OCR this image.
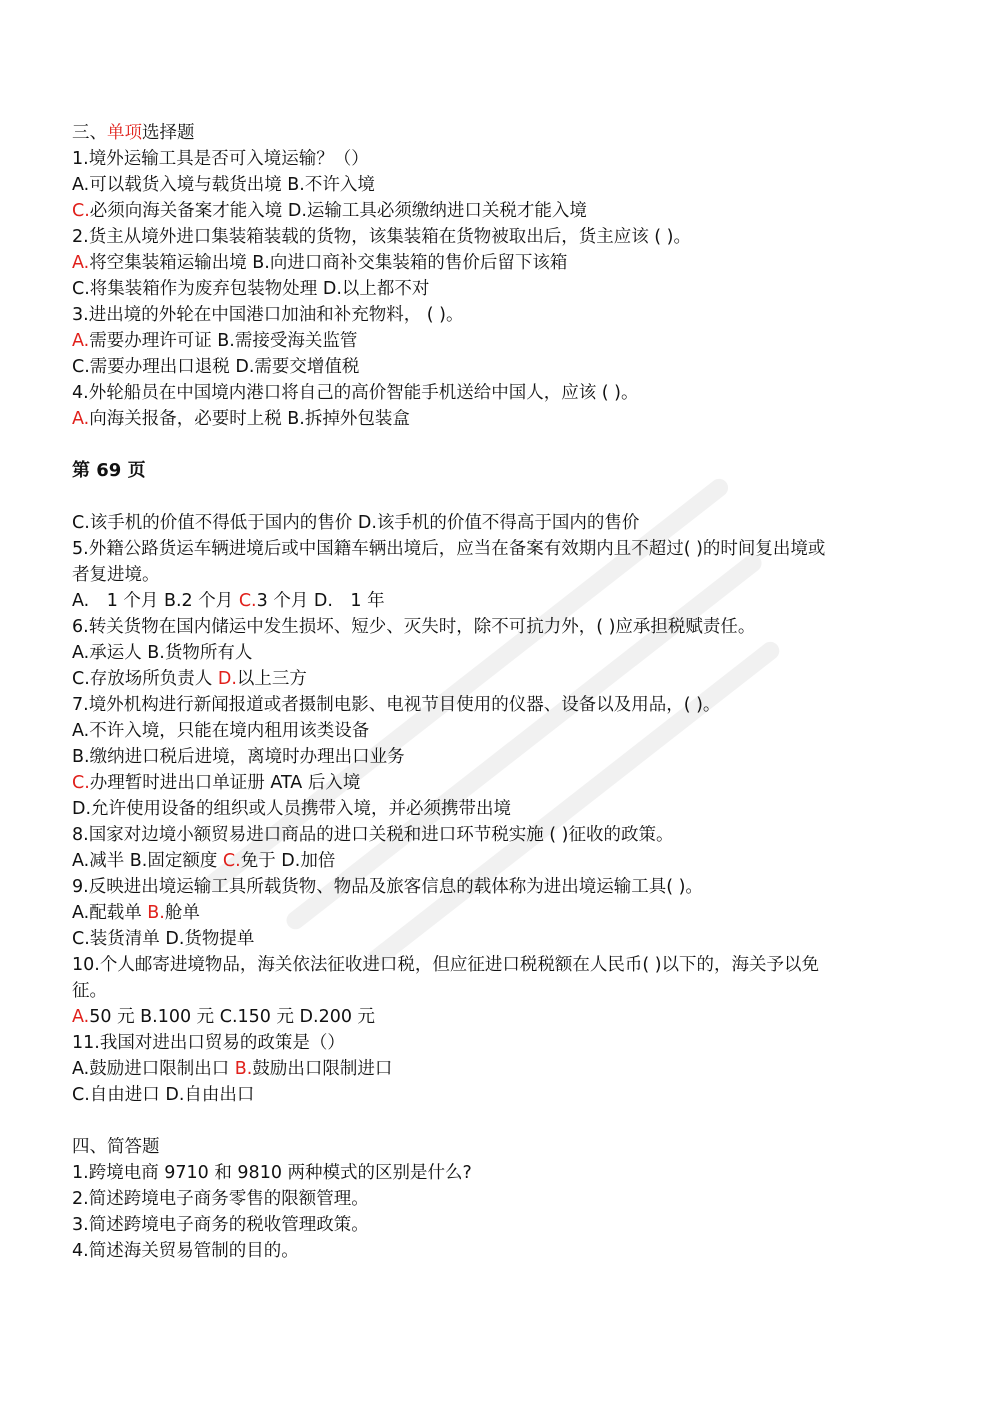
三、单项选择题
1.境外运输工具是否可入境运输？（）
A.可以载货入境与载货出境 B.不许入境
C.必须向海关备案才能入境 D.运输工具必须缴纳进口关税才能入境
2.货主从境外进口集装箱装载的货物，该集装箱在货物被取出后，货主应该 ( )。
A.将空集装箱运输出境 B.向进口商补交集装箱的售价后留下该箱
C.将集装箱作为废弃包装物处理 D.以上都不对
3.进出境的外轮在中国港口加油和补充物料， ( )。
A.需要办理许可证 B.需接受海关监管
C.需要办理出口退税 D.需要交增值税
4.外轮船员在中国境内港口将自己的高价智能手机送给中国人，应该 ( )。
A.向海关报备，必要时上税 B.拆掉外包装盒
第 69 页
C.该手机的价值不得低于国内的售价 D.该手机的价值不得高于国内的售价
5.外籍公路货运车辆进境后或中国籍车辆出境后，应当在备案有效期内且不超过( )的时间复出境或
者复进境。
A.　1 个月 B.2 个月 C.3 个月 D.　1 年
6.转关货物在国内储运中发生损坏、短少、灭失时，除不可抗力外，( )应承担税赋责任。
A.承运人 B.货物所有人
C.存放场所负责人 D.以上三方
7.境外机构进行新闻报道或者摄制电影、电视节目使用的仪器、设备以及用品，( )。
A.不许入境，只能在境内租用该类设备
B.缴纳进口税后进境，离境时办理出口业务
C.办理暂时进出口单证册 ATA 后入境
D.允许使用设备的组织或人员携带入境，并必须携带出境
8.国家对边境小额贸易进口商品的进口关税和进口环节税实施 ( )征收的政策。
A.减半 B.固定额度 C.免于 D.加倍
9.反映进出境运输工具所载货物、物品及旅客信息的载体称为进出境运输工具( )。
A.配载单 B.舱单
C.装货清单 D.货物提单
10.个人邮寄进境物品，海关依法征收进口税，但应征进口税税额在人民币( )以下的，海关予以免
征。
A.50 元 B.100 元 C.150 元 D.200 元
11.我国对进出口贸易的政策是（）
A.鼓励进口限制出口 B.鼓励出口限制进口
C.自由进口 D.自由出口
四、简答题
1.跨境电商 9710 和 9810 两种模式的区别是什么?
2.简述跨境电子商务零售的限额管理。
3.简述跨境电子商务的税收管理政策。
4.简述海关贸易管制的目的。
